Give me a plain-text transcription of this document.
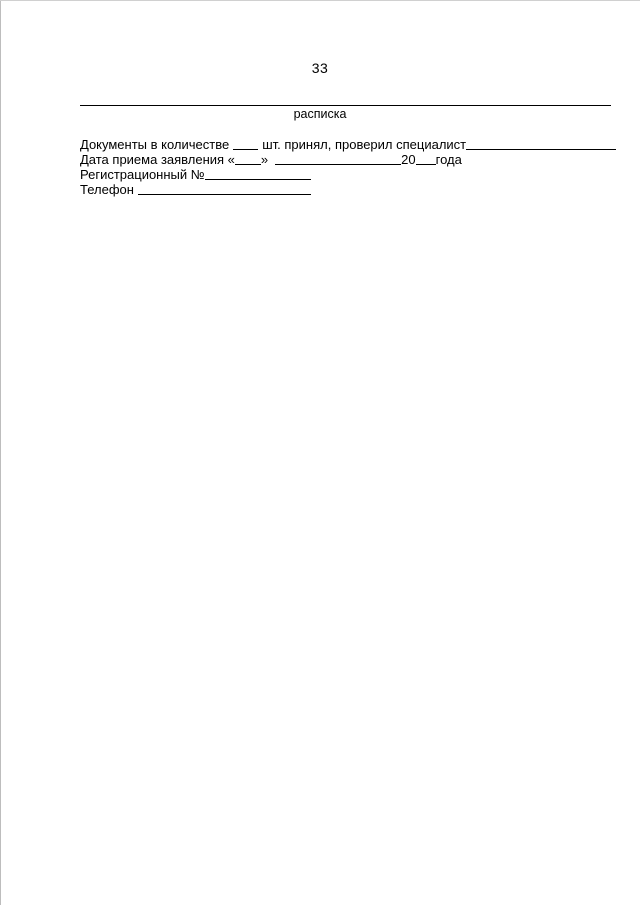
33
расписка
Документы в количестве	шт. принял, проверил специалист
Дата приема заявления « »	20 года
Регистрационный №
Телефон
